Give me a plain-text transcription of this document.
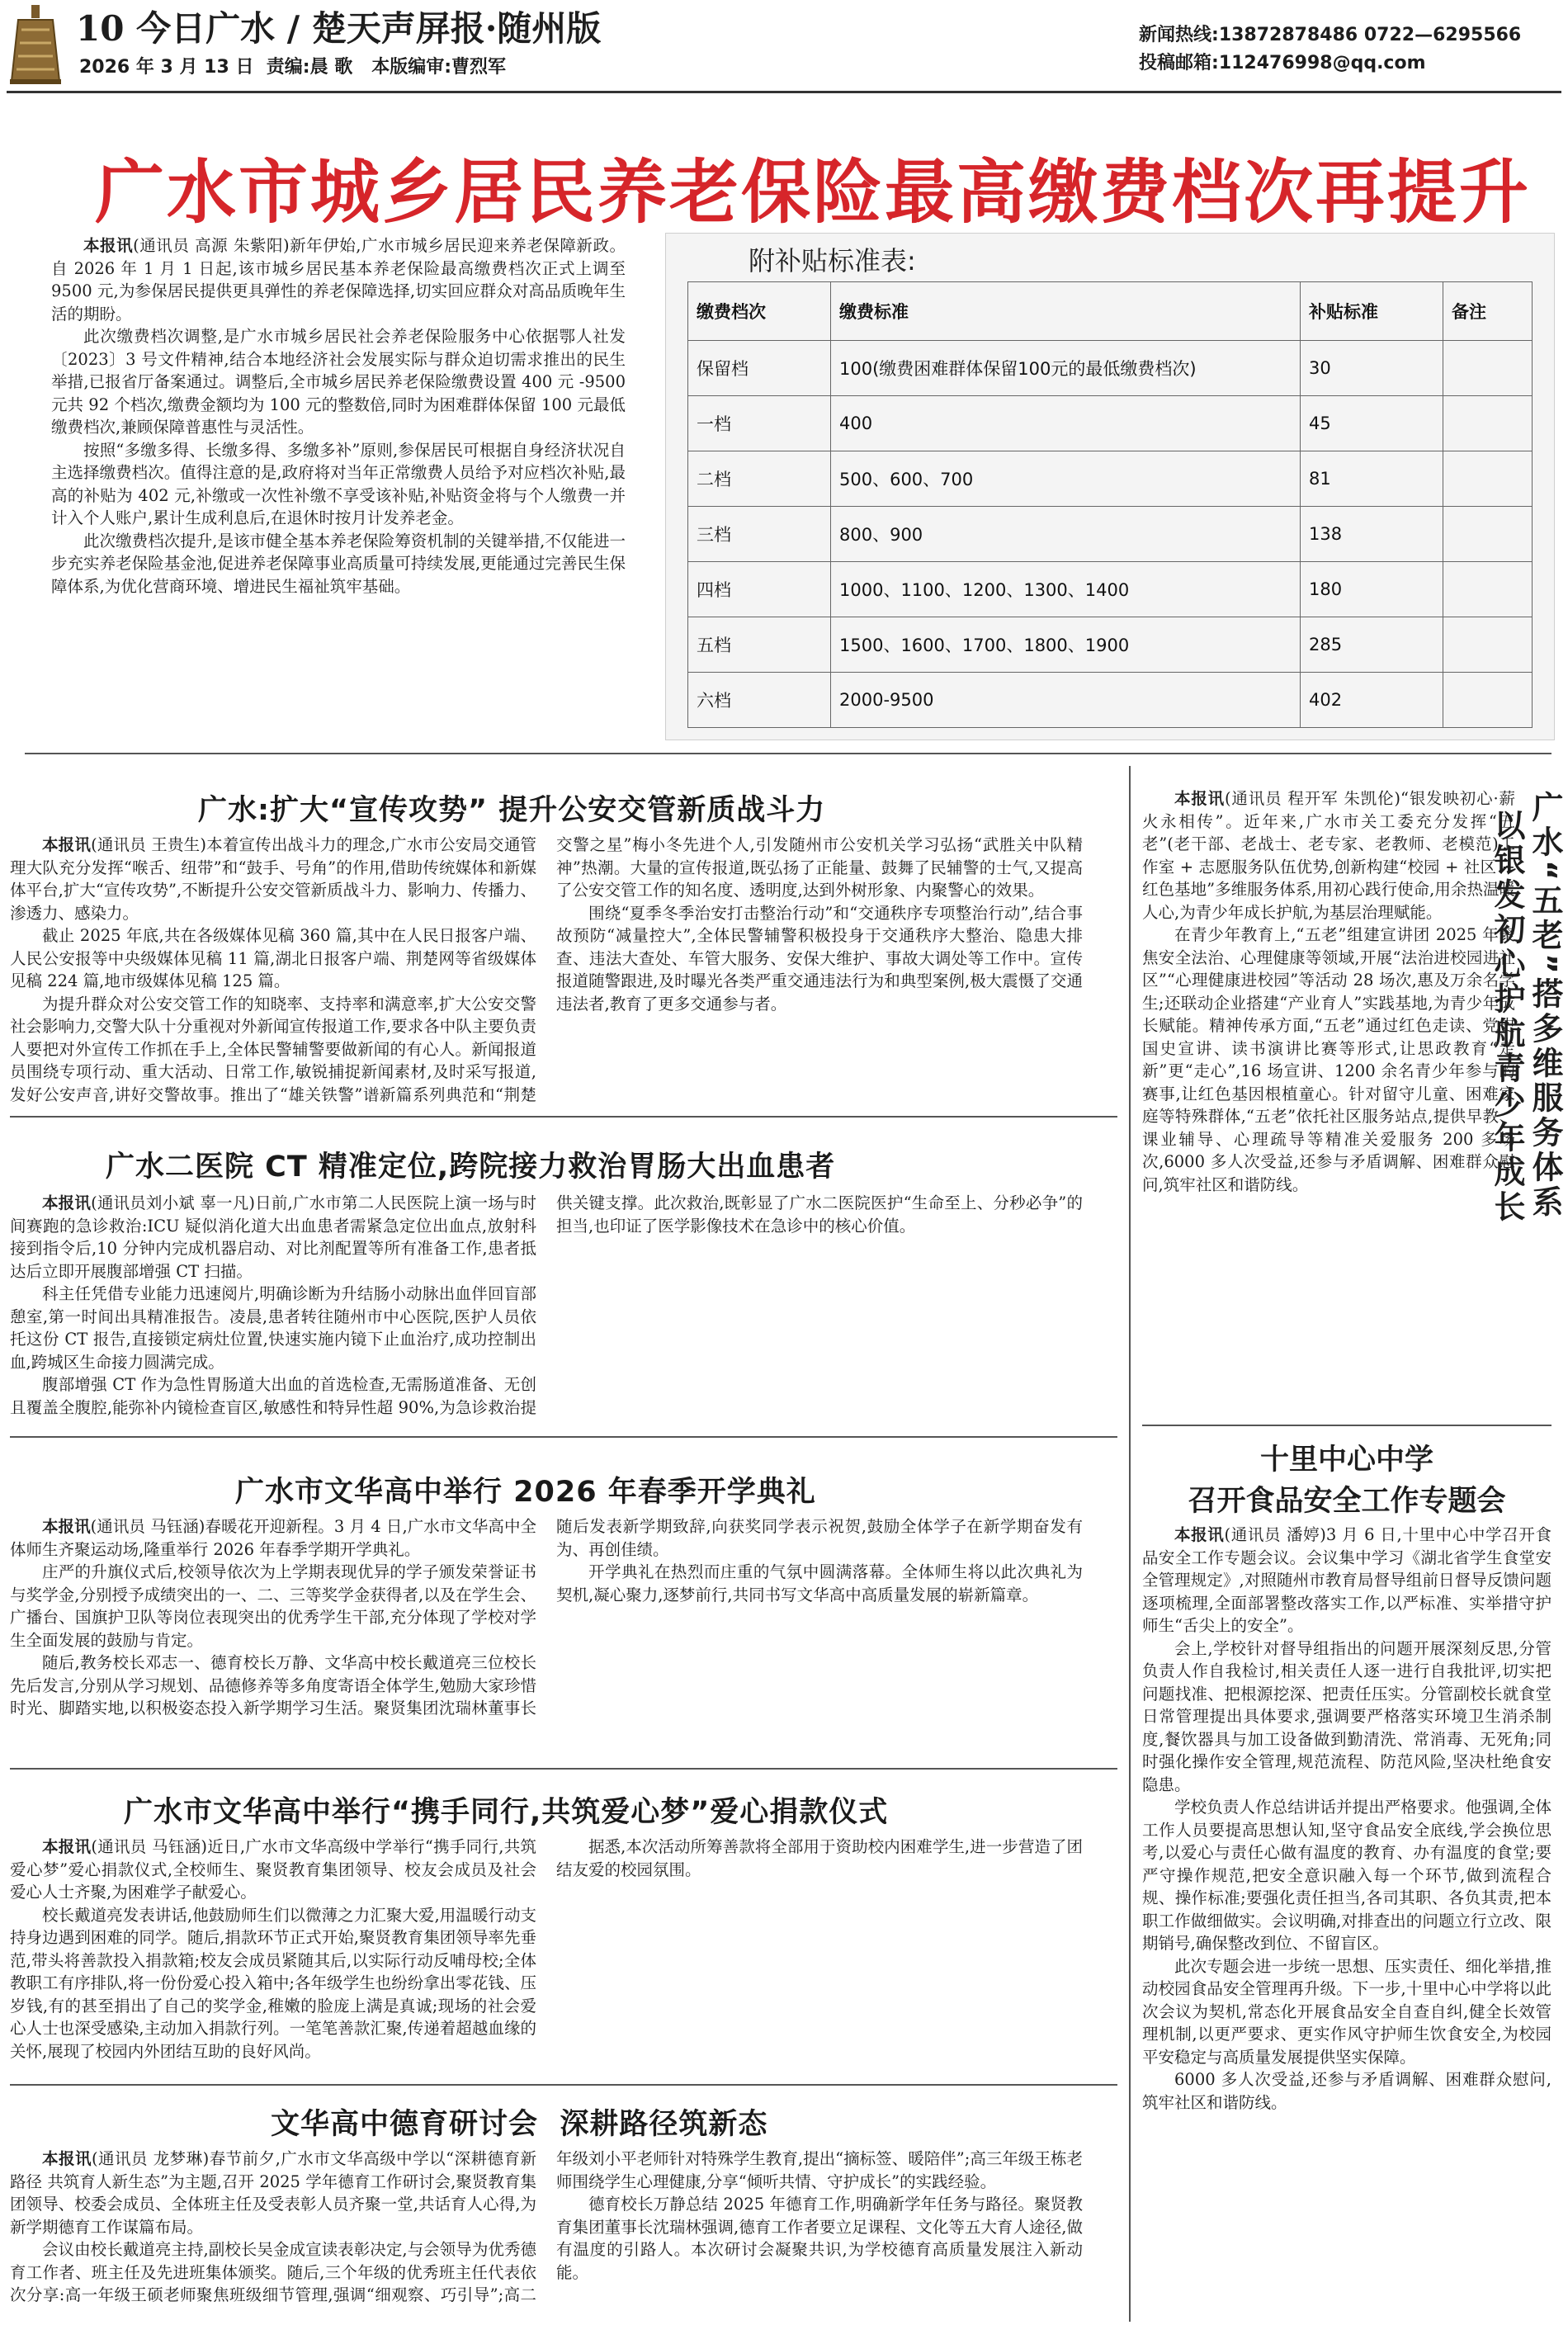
10 今日广水 / 楚天声屏报·随州版
2026 年 3 月 13 日 责编:晨 歌 本版编审:曹烈军
新闻热线:13872878486 0722—6295566
投稿邮箱:112476998@qq.com
广水市城乡居民养老保险最高缴费档次再提升

本报讯(通讯员 高源 朱紫阳)新年伊始,广水市城乡居民迎来养老保障新政。自 2026 年 1 月 1 日起,该市城乡居民基本养老保险最高缴费档次正式上调至 9500 元,为参保居民提供更具弹性的养老保障选择,切实回应群众对高品质晚年生活的期盼。

此次缴费档次调整,是广水市城乡居民社会养老保险服务中心依据鄂人社发〔2023〕3 号文件精神,结合本地经济社会发展实际与群众迫切需求推出的民生举措,已报省厅备案通过。调整后,全市城乡居民养老保险缴费设置 400 元 -9500 元共 92 个档次,缴费金额均为 100 元的整数倍,同时为困难群体保留 100 元最低缴费档次,兼顾保障普惠性与灵活性。

按照“多缴多得、长缴多得、多缴多补”原则,参保居民可根据自身经济状况自主选择缴费档次。值得注意的是,政府将对当年正常缴费人员给予对应档次补贴,最高的补贴为 402 元,补缴或一次性补缴不享受该补贴,补贴资金将与个人缴费一并计入个人账户,累计生成利息后,在退休时按月计发养老金。

此次缴费档次提升,是该市健全基本养老保险筹资机制的关键举措,不仅能进一步充实养老保险基金池,促进养老保障事业高质量可持续发展,更能通过完善民生保障体系,为优化营商环境、增进民生福祉筑牢基础。

附补贴标准表:
缴费档次	缴费标准	补贴标准	备注
保留档	100(缴费困难群体保留100元的最低缴费档次)	30	
一档	400	45	
二档	500、600、700	81	
三档	800、900	138	
四档	1000、1100、1200、1300、1400	180	
五档	1500、1600、1700、1800、1900	285	
六档	2000-9500	402	
广水:扩大“宣传攻势” 提升公安交管新质战斗力

本报讯(通讯员 王贵生)本着宣传出战斗力的理念,广水市公安局交通管理大队充分发挥“喉舌、纽带”和“鼓手、号角”的作用,借助传统媒体和新媒体平台,扩大“宣传攻势”,不断提升公安交管新质战斗力、影响力、传播力、渗透力、感染力。

截止 2025 年底,共在各级媒体见稿 360 篇,其中在人民日报客户端、人民公安报等中央级媒体见稿 11 篇,湖北日报客户端、荆楚网等省级媒体见稿 224 篇,地市级媒体见稿 125 篇。

为提升群众对公安交管工作的知晓率、支持率和满意率,扩大公安交警社会影响力,交警大队十分重视对外新闻宣传报道工作,要求各中队主要负责人要把对外宣传工作抓在手上,全体民警辅警要做新闻的有心人。新闻报道员围绕专项行动、重大活动、日常工作,敏锐捕捉新闻素材,及时采写报道,发好公安声音,讲好交警故事。推出了“雄关铁警”谱新篇系列典范和“荆楚交警之星”梅小冬先进个人,引发随州市公安机关学习弘扬“武胜关中队精神”热潮。大量的宣传报道,既弘扬了正能量、鼓舞了民辅警的士气,又提高了公安交管工作的知名度、透明度,达到外树形象、内聚警心的效果。

围绕“夏季冬季治安打击整治行动”和“交通秩序专项整治行动”,结合事故预防“减量控大”,全体民警辅警积极投身于交通秩序大整治、隐患大排查、违法大查处、车管大服务、安保大维护、事故大调处等工作中。宣传报道随警跟进,及时曝光各类严重交通违法行为和典型案例,极大震慑了交通违法者,教育了更多交通参与者。

广水二医院 CT 精准定位,跨院接力救治胃肠大出血患者

本报讯(通讯员刘小斌 辜一凡)日前,广水市第二人民医院上演一场与时间赛跑的急诊救治:ICU 疑似消化道大出血患者需紧急定位出血点,放射科接到指令后,10 分钟内完成机器启动、对比剂配置等所有准备工作,患者抵达后立即开展腹部增强 CT 扫描。

科主任凭借专业能力迅速阅片,明确诊断为升结肠小动脉出血伴回盲部憩室,第一时间出具精准报告。凌晨,患者转往随州市中心医院,医护人员依托这份 CT 报告,直接锁定病灶位置,快速实施内镜下止血治疗,成功控制出血,跨城区生命接力圆满完成。

腹部增强 CT 作为急性胃肠道大出血的首选检查,无需肠道准备、无创且覆盖全腹腔,能弥补内镜检查盲区,敏感性和特异性超 90%,为急诊救治提供关键支撑。此次救治,既彰显了广水二医院医护“生命至上、分秒必争”的担当,也印证了医学影像技术在急诊中的核心价值。

广水市文华高中举行 2026 年春季开学典礼

本报讯(通讯员 马钰涵)春暖花开迎新程。3 月 4 日,广水市文华高中全体师生齐聚运动场,隆重举行 2026 年春季学期开学典礼。

庄严的升旗仪式后,校领导依次为上学期表现优异的学子颁发荣誉证书与奖学金,分别授予成绩突出的一、二、三等奖学金获得者,以及在学生会、广播台、国旗护卫队等岗位表现突出的优秀学生干部,充分体现了学校对学生全面发展的鼓励与肯定。

随后,教务校长邓志一、德育校长万静、文华高中校长戴道亮三位校长先后发言,分别从学习规划、品德修养等多角度寄语全体学生,勉励大家珍惜时光、脚踏实地,以积极姿态投入新学期学习生活。聚贤集团沈瑞林董事长随后发表新学期致辞,向获奖同学表示祝贺,鼓励全体学子在新学期奋发有为、再创佳绩。

开学典礼在热烈而庄重的气氛中圆满落幕。全体师生将以此次典礼为契机,凝心聚力,逐梦前行,共同书写文华高中高质量发展的崭新篇章。

广水市文华高中举行“携手同行,共筑爱心梦”爱心捐款仪式

本报讯(通讯员 马钰涵)近日,广水市文华高级中学举行“携手同行,共筑爱心梦”爱心捐款仪式,全校师生、聚贤教育集团领导、校友会成员及社会爱心人士齐聚,为困难学子献爱心。

校长戴道亮发表讲话,他鼓励师生们以微薄之力汇聚大爱,用温暖行动支持身边遇到困难的同学。随后,捐款环节正式开始,聚贤教育集团领导率先垂范,带头将善款投入捐款箱;校友会成员紧随其后,以实际行动反哺母校;全体教职工有序排队,将一份份爱心投入箱中;各年级学生也纷纷拿出零花钱、压岁钱,有的甚至捐出了自己的奖学金,稚嫩的脸庞上满是真诚;现场的社会爱心人士也深受感染,主动加入捐款行列。一笔笔善款汇聚,传递着超越血缘的关怀,展现了校园内外团结互助的良好风尚。

据悉,本次活动所筹善款将全部用于资助校内困难学生,进一步营造了团结友爱的校园氛围。

文华高中德育研讨会  深耕路径筑新态

本报讯(通讯员 龙梦琳)春节前夕,广水市文华高级中学以“深耕德育新路径 共筑育人新生态”为主题,召开 2025 学年德育工作研讨会,聚贤教育集团领导、校委会成员、全体班主任及受表彰人员齐聚一堂,共话育人心得,为新学期德育工作谋篇布局。

会议由校长戴道亮主持,副校长吴金成宣读表彰决定,与会领导为优秀德育工作者、班主任及先进班集体颁奖。随后,三个年级的优秀班主任代表依次分享:高一年级王硕老师聚焦班级细节管理,强调“细观察、巧引导”;高二年级刘小平老师针对特殊学生教育,提出“摘标签、暖陪伴”;高三年级王栋老师围绕学生心理健康,分享“倾听共情、守护成长”的实践经验。

德育校长万静总结 2025 年德育工作,明确新学年任务与路径。聚贤教育集团董事长沈瑞林强调,德育工作者要立足课程、文化等五大育人途径,做有温度的引路人。本次研讨会凝聚共识,为学校德育高质量发展注入新动能。

本报讯(通讯员 程开军 朱凯伦)“银发映初心·薪火永相传”。近年来,广水市关工委充分发挥“五老”(老干部、老战士、老专家、老教师、老模范)工作室 + 志愿服务队伍优势,创新构建“校园 + 社区 + 红色基地”多维服务体系,用初心践行使命,用余热温暖人心,为青少年成长护航,为基层治理赋能。

在青少年教育上,“五老”组建宣讲团 2025 年聚焦安全法治、心理健康等领域,开展“法治进校园进社区”“心理健康进校园”等活动 28 场次,惠及万余名学生;还联动企业搭建“产业育人”实践基地,为青少年成长赋能。精神传承方面,“五老”通过红色走读、党史国史宣讲、读书演讲比赛等形式,让思政教育“走新”更“走心”,16 场宣讲、1200 余名青少年参与的赛事,让红色基因根植童心。针对留守儿童、困难家庭等特殊群体,“五老”依托社区服务站点,提供早教、课业辅导、心理疏导等精准关爱服务 200 多场次,6000 多人次受益,还参与矛盾调解、困难群众慰问,筑牢社区和谐防线。	广水“五老”搭多维服务体系
以银发初心护航青少年成长
十里中心中学
召开食品安全工作专题会

本报讯(通讯员 潘婷)3 月 6 日,十里中心中学召开食品安全工作专题会议。会议集中学习《湖北省学生食堂安全管理规定》,对照随州市教育局督导组前日督导反馈问题逐项梳理,全面部署整改落实工作,以严标准、实举措守护师生“舌尖上的安全”。

会上,学校针对督导组指出的问题开展深刻反思,分管负责人作自我检讨,相关责任人逐一进行自我批评,切实把问题找准、把根源挖深、把责任压实。分管副校长就食堂日常管理提出具体要求,强调要严格落实环境卫生消杀制度,餐饮器具与加工设备做到勤清洗、常消毒、无死角;同时强化操作安全管理,规范流程、防范风险,坚决杜绝食安隐患。

学校负责人作总结讲话并提出严格要求。他强调,全体工作人员要提高思想认知,坚守食品安全底线,学会换位思考,以爱心与责任心做有温度的教育、办有温度的食堂;要严守操作规范,把安全意识融入每一个环节,做到流程合规、操作标准;要强化责任担当,各司其职、各负其责,把本职工作做细做实。会议明确,对排查出的问题立行立改、限期销号,确保整改到位、不留盲区。

此次专题会进一步统一思想、压实责任、细化举措,推动校园食品安全管理再升级。下一步,十里中心中学将以此次会议为契机,常态化开展食品安全自查自纠,健全长效管理机制,以更严要求、更实作风守护师生饮食安全,为校园平安稳定与高质量发展提供坚实保障。

6000 多人次受益,还参与矛盾调解、困难群众慰问,筑牢社区和谐防线。
